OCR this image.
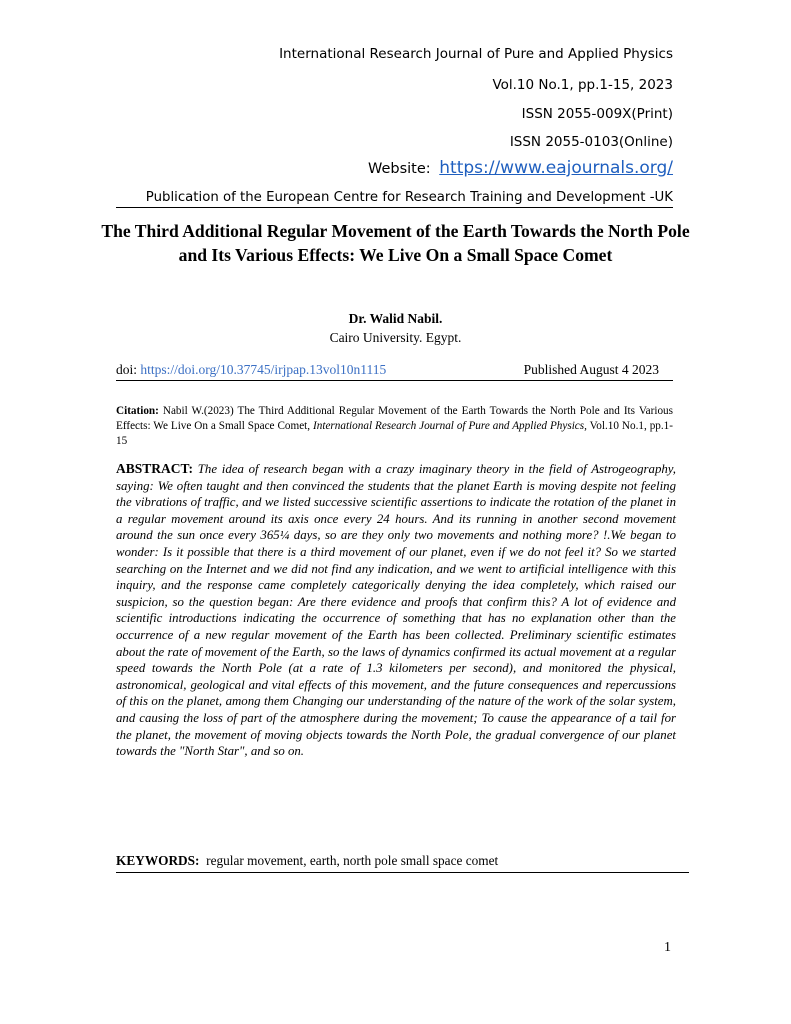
International Research Journal of Pure and Applied Physics
Vol.10 No.1, pp.1-15, 2023
ISSN 2055-009X(Print)
ISSN 2055-0103(Online)
Website: https://www.eajournals.org/
Publication of the European Centre for Research Training and Development -UK
The Third Additional Regular Movement of the Earth Towards the North Pole and Its Various Effects: We Live On a Small Space Comet
Dr. Walid Nabil.
Cairo University. Egypt.
doi: https://doi.org/10.37745/irjpap.13vol10n1115	Published August 4 2023
Citation: Nabil W.(2023) The Third Additional Regular Movement of the Earth Towards the North Pole and Its Various Effects: We Live On a Small Space Comet, International Research Journal of Pure and Applied Physics, Vol.10 No.1, pp.1-15
ABSTRACT: The idea of research began with a crazy imaginary theory in the field of Astrogeography, saying: We often taught and then convinced the students that the planet Earth is moving despite not feeling the vibrations of traffic, and we listed successive scientific assertions to indicate the rotation of the planet in a regular movement around its axis once every 24 hours. And its running in another second movement around the sun once every 365¼ days, so are they only two movements and nothing more? !.We began to wonder: Is it possible that there is a third movement of our planet, even if we do not feel it? So we started searching on the Internet and we did not find any indication, and we went to artificial intelligence with this inquiry, and the response came completely categorically denying the idea completely, which raised our suspicion, so the question began: Are there evidence and proofs that confirm this? A lot of evidence and scientific introductions indicating the occurrence of something that has no explanation other than the occurrence of a new regular movement of the Earth has been collected. Preliminary scientific estimates about the rate of movement of the Earth, so the laws of dynamics confirmed its actual movement at a regular speed towards the North Pole (at a rate of 1.3 kilometers per second), and monitored the physical, astronomical, geological and vital effects of this movement, and the future consequences and repercussions of this on the planet, among them Changing our understanding of the nature of the work of the solar system, and causing the loss of part of the atmosphere during the movement; To cause the appearance of a tail for the planet, the movement of moving objects towards the North Pole, the gradual convergence of our planet towards the "North Star", and so on.
KEYWORDS: regular movement, earth, north pole small space comet
1
